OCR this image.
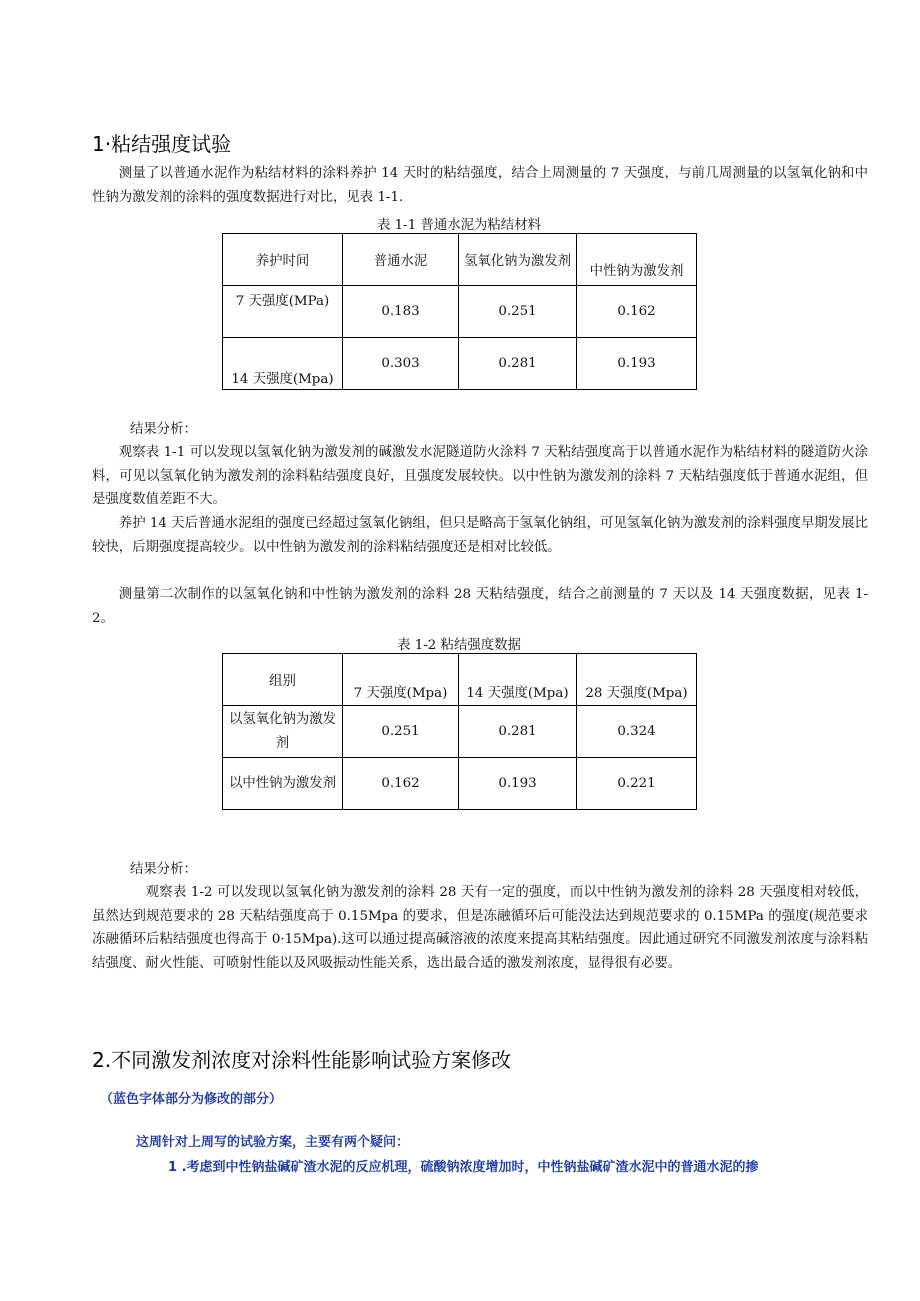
1·粘结强度试验

测量了以普通水泥作为粘结材料的涂料养护 14 天时的粘结强度，结合上周测量的 7 天强度，与前几周测量的以氢氧化钠和中性钠为激发剂的涂料的强度数据进行对比，见表 1-1.

表 1-1 普通水泥为粘结材料
养护时间	普通水泥	氢氧化钠为激发剂	中性钠为激发剂
7 天强度(MPa)	0.183	0.251	0.162
14 天强度(Mpa)	0.303	0.281	0.193
结果分析：

观察表 1-1 可以发现以氢氧化钠为激发剂的碱激发水泥隧道防火涂料 7 天粘结强度高于以普通水泥作为粘结材料的隧道防火涂料，可见以氢氧化钠为激发剂的涂料粘结强度良好，且强度发展较快。以中性钠为激发剂的涂料 7 天粘结强度低于普通水泥组，但是强度数值差距不大。

养护 14 天后普通水泥组的强度已经超过氢氧化钠组，但只是略高于氢氧化钠组，可见氢氧化钠为激发剂的涂料强度早期发展比较快，后期强度提高较少。以中性钠为激发剂的涂料粘结强度还是相对比较低。

测量第二次制作的以氢氧化钠和中性钠为激发剂的涂料 28 天粘结强度，结合之前测量的 7 天以及 14 天强度数据，见表 1-2。

表 1-2 粘结强度数据
组别	7 天强度(Mpa)	14 天强度(Mpa)	28 天强度(Mpa)
以氢氧化钠为激发剂	0.251	0.281	0.324
以中性钠为激发剂	0.162	0.193	0.221
结果分析：

观察表 1-2 可以发现以氢氧化钠为激发剂的涂料 28 天有一定的强度，而以中性钠为激发剂的涂料 28 天强度相对较低，虽然达到规范要求的 28 天粘结强度高于 0.15Mpa 的要求，但是冻融循环后可能没法达到规范要求的 0.15MPa 的强度(规范要求冻融循环后粘结强度也得高于 0·15Mpa).这可以通过提高碱溶液的浓度来提高其粘结强度。因此通过研究不同激发剂浓度与涂料粘结强度、耐火性能、可喷射性能以及风吸振动性能关系，选出最合适的激发剂浓度，显得很有必要。

2.不同激发剂浓度对涂料性能影响试验方案修改
（蓝色字体部分为修改的部分）
这周针对上周写的试验方案，主要有两个疑问：
1 .考虑到中性钠盐碱矿渣水泥的反应机理，硫酸钠浓度增加时，中性钠盐碱矿渣水泥中的普通水泥的掺
